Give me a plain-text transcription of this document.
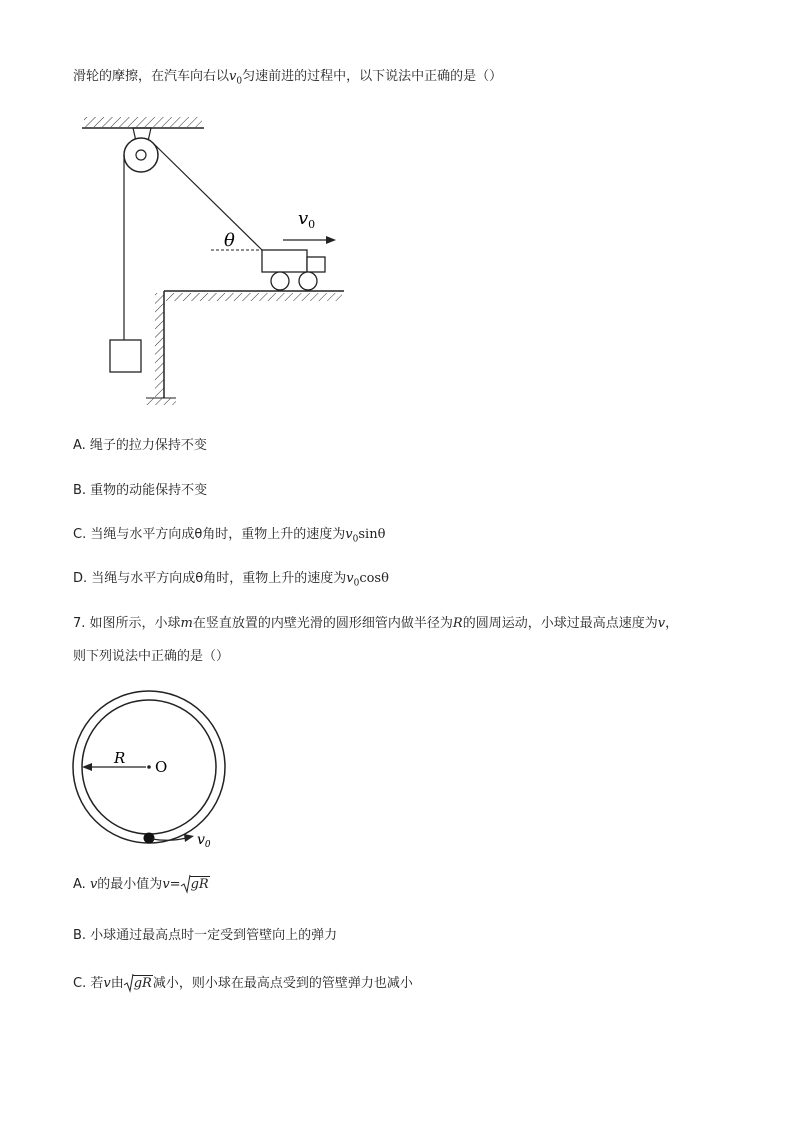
滑轮的摩擦，在汽车向右以$v_0$匀速前进的过程中，以下说法中正确的是（）
θ
$v_0$
A. 绳子的拉力保持不变
B. 重物的动能保持不变
C. 当绳与水平方向成θ角时，重物上升的速度为$v_0\sin\theta$
D. 当绳与水平方向成θ角时，重物上升的速度为$v_0\cos\theta$
7. 如图所示，小球m在竖直放置的内壁光滑的圆形细管内做半径为R的圆周运动，小球过最高点速度为v，
则下列说法中正确的是（）
R O
$v_0$
A. v的最小值为v= gR
B. 小球通过最高点时一定受到管壁向上的弹力
C. 若v由 gR减小，则小球在最高点受到的管壁弹力也减小
